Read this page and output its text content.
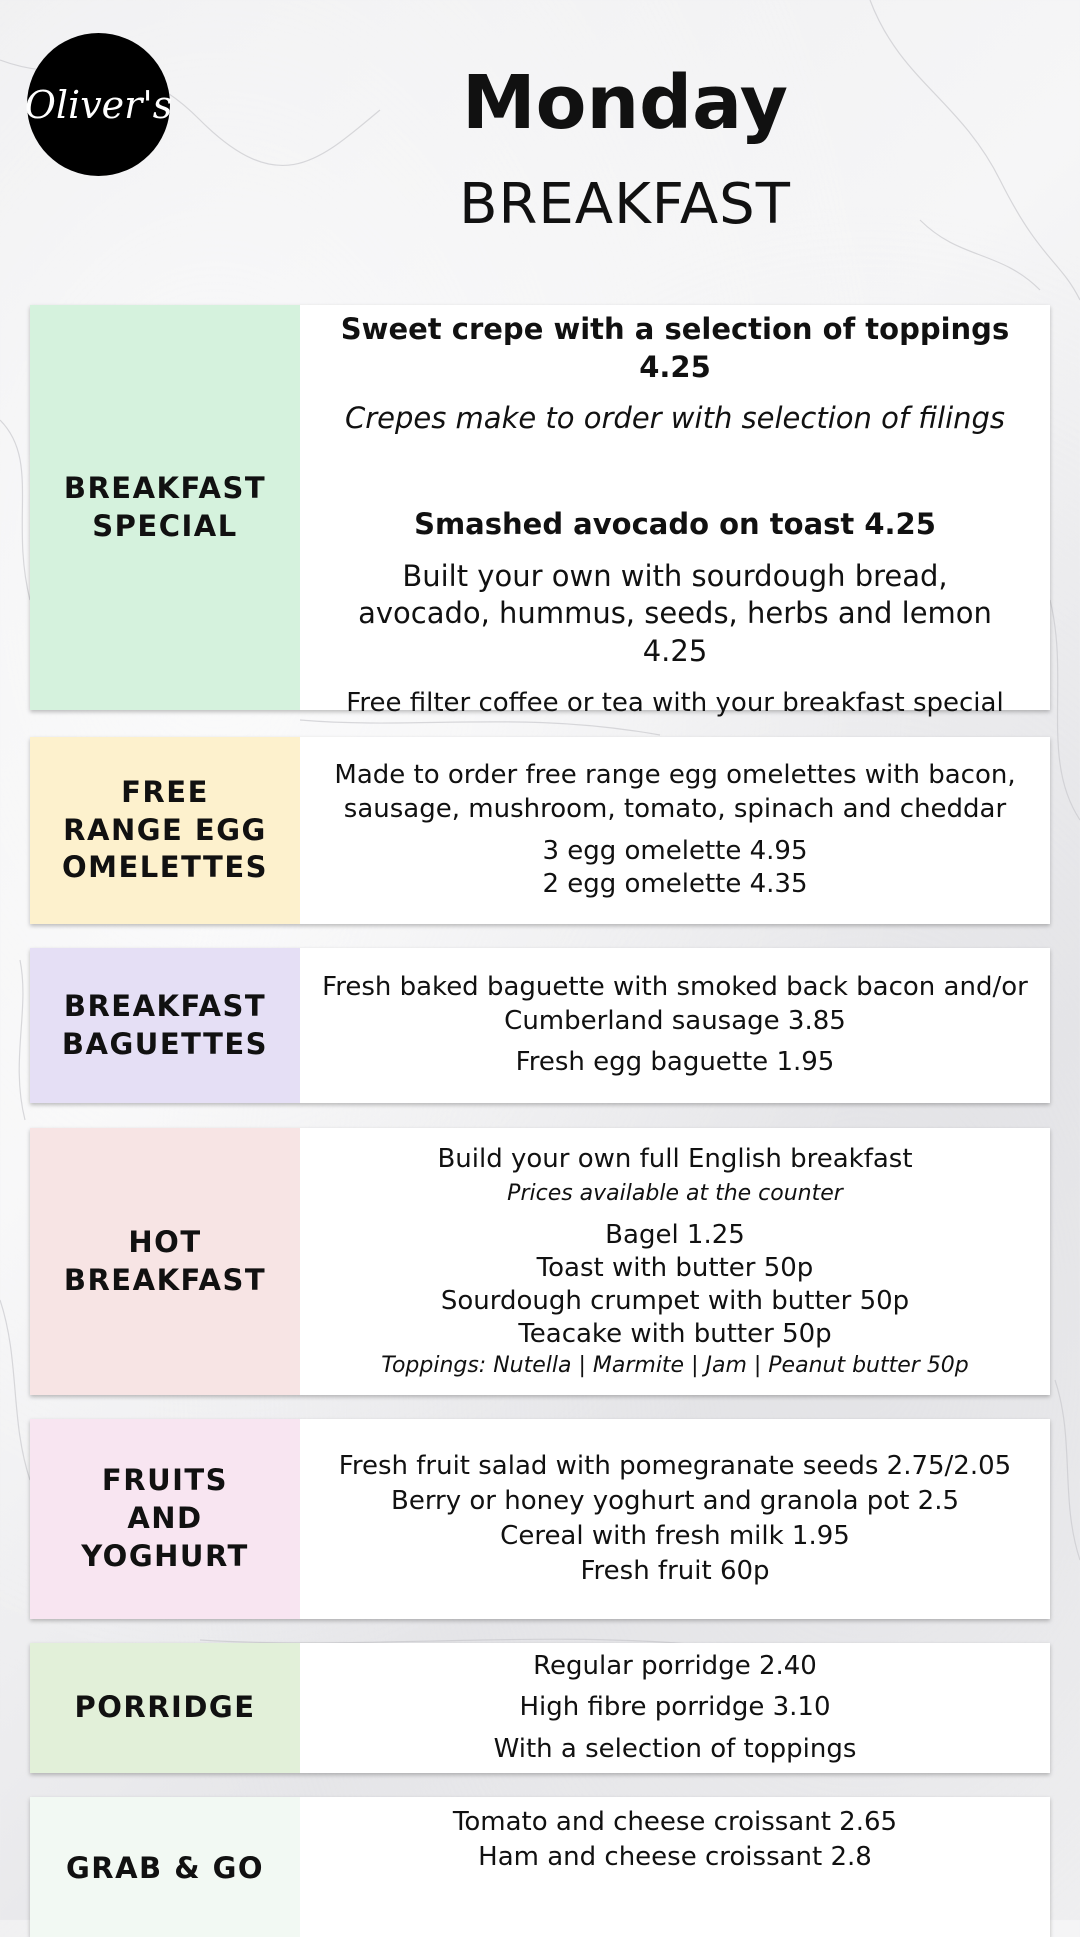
Oliver's	Monday
BREAKFAST
BREAKFAST SPECIAL
Sweet crepe with a selection of toppings 4.25
Crepes make to order with selection of filings
Smashed avocado on toast 4.25
Built your own with sourdough bread, avocado, hummus, seeds, herbs and lemon 4.25
Free filter coffee or tea with your breakfast special
FREE RANGE EGG OMELETTES
Made to order free range egg omelettes with bacon, sausage, mushroom, tomato, spinach and cheddar
3 egg omelette 4.95
2 egg omelette 4.35
BREAKFAST BAGUETTES
Fresh baked baguette with smoked back bacon and/or Cumberland sausage 3.85
Fresh egg baguette 1.95
HOT BREAKFAST
Build your own full English breakfast
Prices available at the counter
Bagel 1.25
Toast with butter 50p
Sourdough crumpet with butter 50p
Teacake with butter 50p
Toppings: Nutella | Marmite | Jam | Peanut butter 50p
FRUITS AND YOGHURT
Fresh fruit salad with pomegranate seeds 2.75/2.05
Berry or honey yoghurt and granola pot 2.5
Cereal with fresh milk 1.95
Fresh fruit 60p
PORRIDGE
Regular porridge 2.40
High fibre porridge 3.10
With a selection of toppings
GRAB & GO
Tomato and cheese croissant 2.65
Ham and cheese croissant 2.8
